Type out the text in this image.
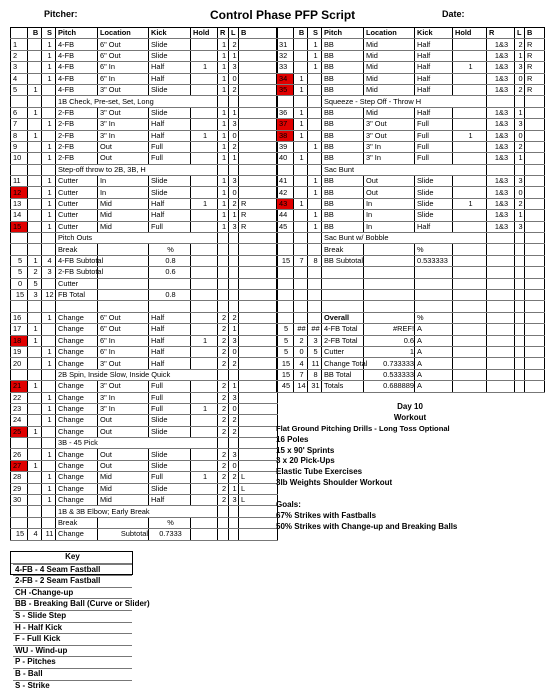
Pitcher:	Control Phase PFP Script	Date:
	B	S	Pitch	Location	Kick	Hold	R	L	B
1		1	4-FB	6" Out	Slide		1	2	
2		1	4-FB	6" Out	Slide		1	1	
3		1	4-FB	6" In	Half	1	1	3	
4		1	4-FB	6" In	Half		1	0	
5	1		4-FB	3" Out	Slide		1	2	
			1B Check, Pre-set, Set, Long						
6	1		2-FB	3" Out	Slide		1	1	
7		1	2-FB	3" In	Half		1	3	
8	1		2-FB	3" In	Half	1	1	0	
9		1	2-FB	Out	Full		1	2	
10		1	2-FB	Out	Full		1	1	
			Step-off throw to 2B, 3B, H						
11		1	Cutter	In	Slide		1	3	
12		1	Cutter	In	Slide		1	0	
13		1	Cutter	Mid	Half	1	1	2	R
14		1	Cutter	Mid	Half		1	1	R
15		1	Cutter	Mid	Full		1	3	R
			Pitch Outs						
			Break		%				
5	1	4	4-FB Subtotal		0.8				
5	2	3	2-FB Subtotal		0.6				
0	5		Cutter						
15	3	12	FB Total		0.8				

16		1	Change	6" Out	Half		2	2	
17	1		Change	6" Out	Half		2	1	
18	1		Change	6" In	Half	1	2	3	
19		1	Change	6" In	Half		2	0	
20		1	Change	3" Out	Half		2	2	
			2B Spin, Inside Slow, Inside Quick						
21	1		Change	3" Out	Full		2	1	
22		1	Change	3" In	Full		2	3	
23		1	Change	3" In	Full	1	2	0	
24		1	Change	Out	Slide		2	2	
25	1		Change	Out	Slide		2	2	
			3B - 45 Pick						
26		1	Change	Out	Slide		2	3	
27	1		Change	Out	Slide		2	0	
28		1	Change	Mid	Full	1	2	2	L
29		1	Change	Mid	Slide		2	1	L
30		1	Change	Mid	Half		2	3	L
			1B & 3B Elbow; Early Break						
			Break		%				
15	4	11	Change	Subtotal	0.7333				
	B	S	Pitch	Location	Kick	Hold	R	L	B
31		1	BB	Mid	Half		1&3	2	R
32		1	BB	Mid	Half		1&3	1	R
33		1	BB	Mid	Half	1	1&3	3	R
34	1		BB	Mid	Half		1&3	0	R
35	1		BB	Mid	Half		1&3	2	R
			Squeeze - Step Off - Throw H						
36	1		BB	Mid	Half		1&3	1	
37	1		BB	3" Out	Full		1&3	3	
38	1		BB	3" Out	Full	1	1&3	0	
39		1	BB	3" In	Full		1&3	2	
40	1		BB	3" In	Full		1&3	1	
			Sac Bunt						
41		1	BB	Out	Slide		1&3	3	
42		1	BB	Out	Slide		1&3	0	
43	1		BB	In	Slide	1	1&3	2	
44		1	BB	In	Slide		1&3	1	
45		1	BB	In	Half		1&3	3	
			Sac Bunt w/ Bobble						
			Break		%				
15	7	8	BB Subtotal		0.533333				

			Overall		%				
5	##	##	4-FB Total	#REF!	A				
5	2	3	2-FB Total	0.6	A				
5	0	5	Cutter	1	A				
15	4	11	Change Total	0.733333	A				
15	7	8	BB Total	0.533333	A				
45	14	31	Totals	0.688889	A				
Day 10
Workout
Flat Ground Pitching Drills - Long Toss Optional
16 Poles
15 x 90' Sprints
3 x 20 Pick-Ups
Elastic Tube Exercises
3lb Weights Shoulder Workout
Goals:
67% Strikes with Fastballs
50% Strikes with Change-up and Breaking Balls
Key
4-FB - 4 Seam Fastball
2-FB - 2 Seam Fastball
CH -Change-up
BB - Breaking Ball (Curve or Slider)
S - Slide Step
H - Half Kick
F - Full Kick
WU - Wind-up
P - Pitches
B - Ball
S - Strike
